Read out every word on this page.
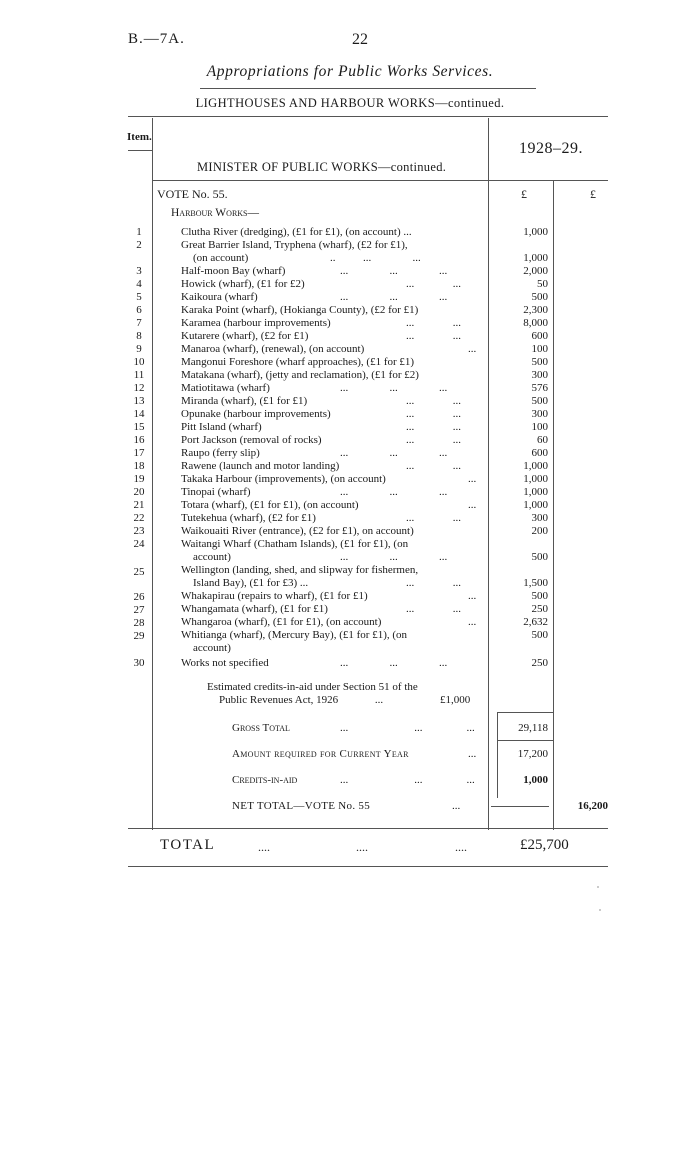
B.—7A.	22
Appropriations for Public Works Services.
LIGHTHOUSES AND HARBOUR WORKS—continued.
Item.
1928–29.
MINISTER OF PUBLIC WORKS—continued.
VOTE No. 55.	£	£
Harbour Works—
1	Clutha River (dredging), (£1 for £1), (on account) ...	1,000
2	Great Barrier Island, Tryphena (wharf), (£2 for £1),
(on account)	..          ...               ...	1,000
3	Half-moon Bay (wharf)	...               ...               ...	2,000
4	Howick (wharf), (£1 for £2)	...              ...	50
5	Kaikoura (wharf)	...               ...               ...	500
6	Karaka Point (wharf), (Hokianga County), (£2 for £1)	2,300
7	Karamea (harbour improvements)	...              ...	8,000
8	Kutarere (wharf), (£2 for £1)	...              ...	600
9	Manaroa (wharf), (renewal), (on account)	...	100
10	Mangonui Foreshore (wharf approaches), (£1 for £1)	500
11	Matakana (wharf), (jetty and reclamation), (£1 for £2)	300
12	Matiotitawa (wharf)	...               ...               ...	576
13	Miranda (wharf), (£1 for £1)	...              ...	500
14	Opunake (harbour improvements)	...              ...	300
15	Pitt Island (wharf)	...              ...	100
16	Port Jackson (removal of rocks)	...              ...	60
17	Raupo (ferry slip)	...               ...               ...	600
18	Rawene (launch and motor landing)	...              ...	1,000
19	Takaka Harbour (improvements), (on account)	...	1,000
20	Tinopai (wharf)	...               ...               ...	1,000
21	Totara (wharf), (£1 for £1), (on account)	...	1,000
22	Tutekehua (wharf), (£2 for £1)	...              ...	300
23	Waikouaiti River (entrance), (£2 for £1), on account)	200
24	Waitangi Wharf (Chatham Islands), (£1 for £1), (on
account)	...               ...               ...	500
25	Wellington (landing, shed, and slipway for fishermen,
Island Bay), (£1 for £3) ...	...              ...	1,500
26	Whakapirau (repairs to wharf), (£1 for £1)	...	500
27	Whangamata (wharf), (£1 for £1)	...              ...	250
28	Whangaroa (wharf), (£1 for £1), (on account)	...	2,632
29	Whitianga (wharf), (Mercury Bay), (£1 for £1), (on
account)
500
30	Works not specified	...               ...               ...	250
Estimated credits-in-aid under Section 51 of the
Public Revenues Act, 1926	...	£1,000
Gross Total	...                        ...                ...	29,118
Amount required for Current Year	...	17,200
Credits-in-aid	...                        ...                ...	1,000
NET TOTAL—VOTE No. 55	...	16,200
TOTAL	....	....	....	£25,700
